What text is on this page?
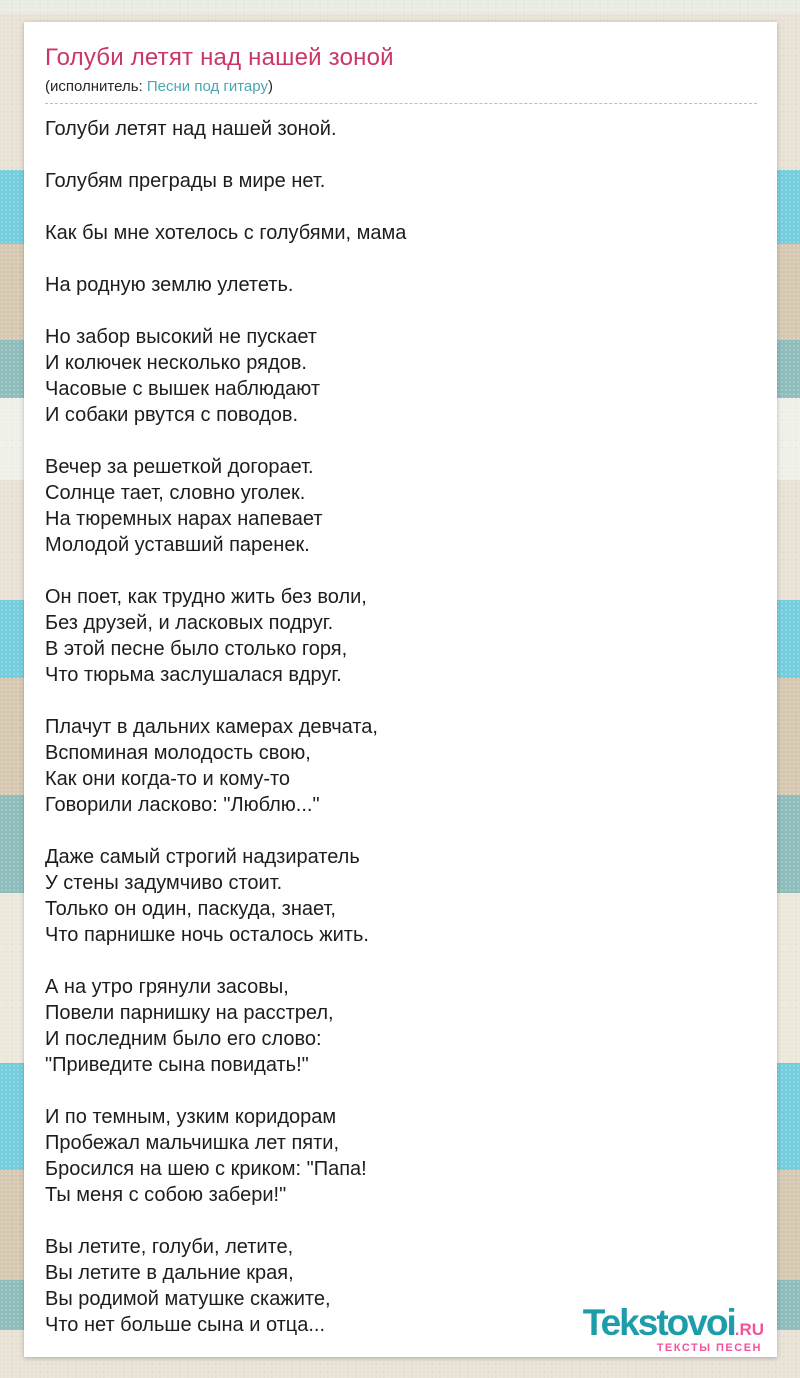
Голуби летят над нашей зоной
(исполнитель: Песни под гитару)

Голуби летят над нашей зоной.

Голубям преграды в мире нет.

Как бы мне хотелось с голубями, мама

На родную землю улететь.

Но забор высокий не пускает
И колючек несколько рядов.
Часовые с вышек наблюдают
И собаки рвутся с поводов.

Вечер за решеткой догорает.
Солнце тает, словно уголек.
На тюремных нарах напевает
Молодой уставший паренек.

Он поет, как трудно жить без воли,
Без друзей, и ласковых подруг.
В этой песне было столько горя,
Что тюрьма заслушалася вдруг.

Плачут в дальних камерах девчата,
Вспоминая молодость свою,
Как они когда-то и кому-то
Говорили ласково: "Люблю..."

Даже самый строгий надзиратель
У стены задумчиво стоит.
Только он один, паскуда, знает,
Что парнишке ночь осталось жить.

А на утро грянули засовы,
Повели парнишку на расстрел,
И последним было его слово:
"Приведите сына повидать!"

И по темным, узким коридорам
Пробежал мальчишка лет пяти,
Бросился на шею с криком: "Папа!
Ты меня с собою забери!"

Вы летите, голуби, летите,
Вы летите в дальние края,
Вы родимой матушке скажите,
Что нет больше сына и отца...	Tekstovoi.RU
ТЕКСТЫ ПЕСЕН
